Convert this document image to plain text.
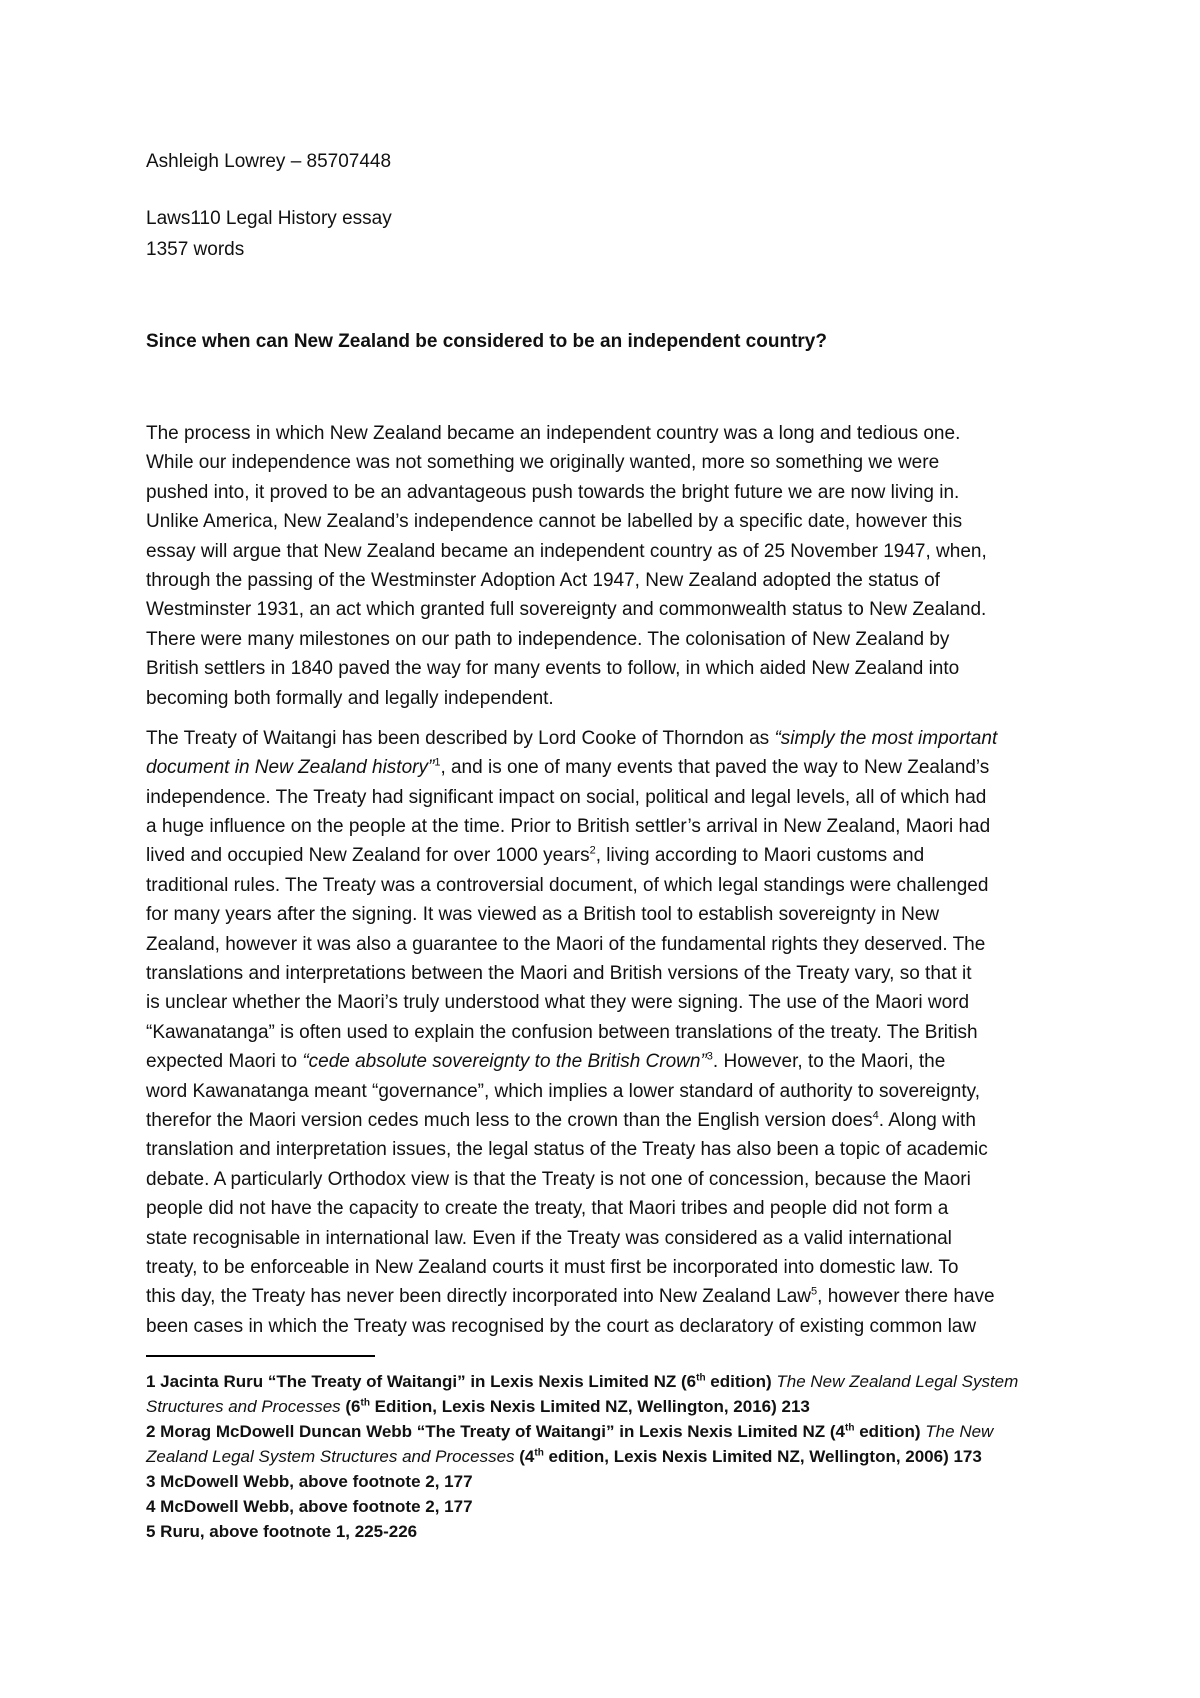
Ashleigh Lowrey – 85707448

Laws110 Legal History essay

1357 words

Since when can New Zealand be considered to be an independent country?
The process in which New Zealand became an independent country was a long and tedious one.
While our independence was not something we originally wanted, more so something we were
pushed into, it proved to be an advantageous push towards the bright future we are now living in.
Unlike America, New Zealand’s independence cannot be labelled by a specific date, however this
essay will argue that New Zealand became an independent country as of 25 November 1947, when,
through the passing of the Westminster Adoption Act 1947, New Zealand adopted the status of
Westminster 1931, an act which granted full sovereignty and commonwealth status to New Zealand.
There were many milestones on our path to independence. The colonisation of New Zealand by
British settlers in 1840 paved the way for many events to follow, in which aided New Zealand into
becoming both formally and legally independent.
The Treaty of Waitangi has been described by Lord Cooke of Thorndon as “simply the most important
document in New Zealand history”$^1$, and is one of many events that paved the way to New Zealand’s
independence. The Treaty had significant impact on social, political and legal levels, all of which had
a huge influence on the people at the time. Prior to British settler’s arrival in New Zealand, Maori had
lived and occupied New Zealand for over 1000 years$^2$, living according to Maori customs and
traditional rules. The Treaty was a controversial document, of which legal standings were challenged
for many years after the signing. It was viewed as a British tool to establish sovereignty in New
Zealand, however it was also a guarantee to the Maori of the fundamental rights they deserved. The
translations and interpretations between the Maori and British versions of the Treaty vary, so that it
is unclear whether the Maori’s truly understood what they were signing. The use of the Maori word
“Kawanatanga” is often used to explain the confusion between translations of the treaty. The British
expected Maori to “cede absolute sovereignty to the British Crown”$^3$. However, to the Maori, the
word Kawanatanga meant “governance”, which implies a lower standard of authority to sovereignty,
therefor the Maori version cedes much less to the crown than the English version does$^4$. Along with
translation and interpretation issues, the legal status of the Treaty has also been a topic of academic
debate. A particularly Orthodox view is that the Treaty is not one of concession, because the Maori
people did not have the capacity to create the treaty, that Maori tribes and people did not form a
state recognisable in international law. Even if the Treaty was considered as a valid international
treaty, to be enforceable in New Zealand courts it must first be incorporated into domestic law. To
this day, the Treaty has never been directly incorporated into New Zealand Law$^5$, however there have
been cases in which the Treaty was recognised by the court as declaratory of existing common law
1 Jacinta Ruru “The Treaty of Waitangi” in Lexis Nexis Limited NZ (6th edition) The New Zealand Legal System
Structures and Processes (6th Edition, Lexis Nexis Limited NZ, Wellington, 2016) 213
2 Morag McDowell Duncan Webb “The Treaty of Waitangi” in Lexis Nexis Limited NZ (4th edition) The New
Zealand Legal System Structures and Processes (4th edition, Lexis Nexis Limited NZ, Wellington, 2006) 173
3 McDowell Webb, above footnote 2, 177
4 McDowell Webb, above footnote 2, 177
5 Ruru, above footnote 1, 225-226
